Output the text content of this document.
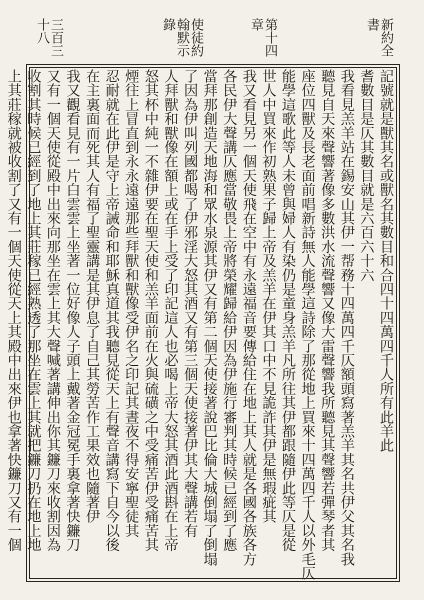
新約全書
使徒約翰默示錄	第十四章
三百三十八
記號就是獸其名或獸名其數目和合四十四萬四千人所有此羊此
耆數目是仄其數目就是六百六十六
我看見羔羊站在錫安山其伊一帮務十四萬四千仄額頭寫著羔羊其名共伊父其名我
聽見自天來聲響著像多數洪水流聲響又像大雷聲響我所聽見其聲響若彈琴者其
座位四獸及長老面前唱新詩無人能學這詩除了那從地上買來十四萬四千人以外毛仄
能學這歌此等人未曾與婦人有染仍是童身羔羊凡所往其伊都跟隨伊此等仄是從
世人中買來作初熟果子歸上帝及羔羊在伊其口中不見詭詐其伊是無瑕疵其
我又看見另一個天使飛在空中有永遠福音要傳給住在地上其人就是各國各族各方
各民伊大聲講仄應當敬畏上帝將榮耀歸給伊因為伊施行審判其時候已經到了應
當拜那創造天地海和眾水泉源其伊又有第二個天使接著說巴比倫大城倒塌了倒塌
了因為伊叫列國都喝了伊邪淫大怒其酒又有第三個天使接著伊其大聲講若有
人拜獸和獸像在額上或在手上受了印記這人也必喝上帝大怒其酒此酒斟在上帝
怒其杯中純一不雜伊要在聖天使和羔羊面前在火與硫磺之中受痛苦伊受痛苦其
煙往上冒直到永永遠遠那些拜獸和獸像受伊名之印記其晝夜不得安寧聖徒其
忍耐就在此伊是守上帝誡命和耶穌真道其我聽見從天上有聲音講寫下自今以後
在主裏面而死其人有福了聖靈講是其伊息了自己其勞苦作工果效也隨著伊
我又觀看見有一片白雲雲上坐著一位好像人子頭上戴著金冠冕手裏拿著快鐮刀
又有一個天使從殿中出來向那坐在雲上其大聲喊著講伸出你其鐮刀來收割因為
收割其時候已經到了地上其莊稼已經熟透了那坐在雲上其就把鐮刀扔在地上地
上其莊稼就被收割了又有一個天使從天上其殿中出來伊也拿著快鐮刀又有一個
